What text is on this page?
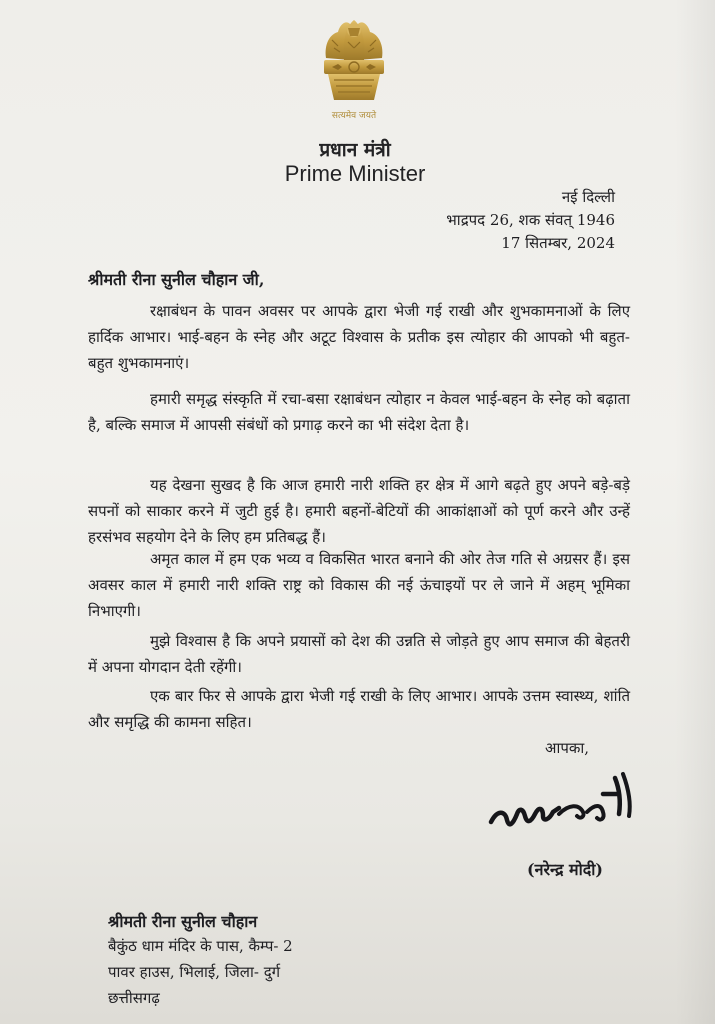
सत्यमेव जयते
प्रधान मंत्री
Prime Minister
नई दिल्ली
भाद्रपद 26, शक संवत् 1946
17 सितम्बर, 2024
श्रीमती रीना सुनील चौहान जी,

रक्षाबंधन के पावन अवसर पर आपके द्वारा भेजी गई राखी और शुभकामनाओं के लिए हार्दिक आभार। भाई-बहन के स्नेह और अटूट विश्वास के प्रतीक इस त्योहार की आपको भी बहुत-बहुत शुभकामनाएं।

हमारी समृद्ध संस्कृति में रचा-बसा रक्षाबंधन त्योहार न केवल भाई-बहन के स्नेह को बढ़ाता है, बल्कि समाज में आपसी संबंधों को प्रगाढ़ करने का भी संदेश देता है।

यह देखना सुखद है कि आज हमारी नारी शक्ति हर क्षेत्र में आगे बढ़ते हुए अपने बड़े-बड़े सपनों को साकार करने में जुटी हुई है। हमारी बहनों-बेटियों की आकांक्षाओं को पूर्ण करने और उन्हें हरसंभव सहयोग देने के लिए हम प्रतिबद्ध हैं।

अमृत काल में हम एक भव्य व विकसित भारत बनाने की ओर तेज गति से अग्रसर हैं। इस अवसर काल में हमारी नारी शक्ति राष्ट्र को विकास की नई ऊंचाइयों पर ले जाने में अहम् भूमिका निभाएगी।

मुझे विश्वास है कि अपने प्रयासों को देश की उन्नति से जोड़ते हुए आप समाज की बेहतरी में अपना योगदान देती रहेंगी।

एक बार फिर से आपके द्वारा भेजी गई राखी के लिए आभार। आपके उत्तम स्वास्थ्य, शांति और समृद्धि की कामना सहित।

आपका,
(नरेन्द्र मोदी)
श्रीमती रीना सुनील चौहान
बैकुंठ धाम मंदिर के पास, कैम्प- 2
पावर हाउस, भिलाई, जिला- दुर्ग
छत्तीसगढ़
